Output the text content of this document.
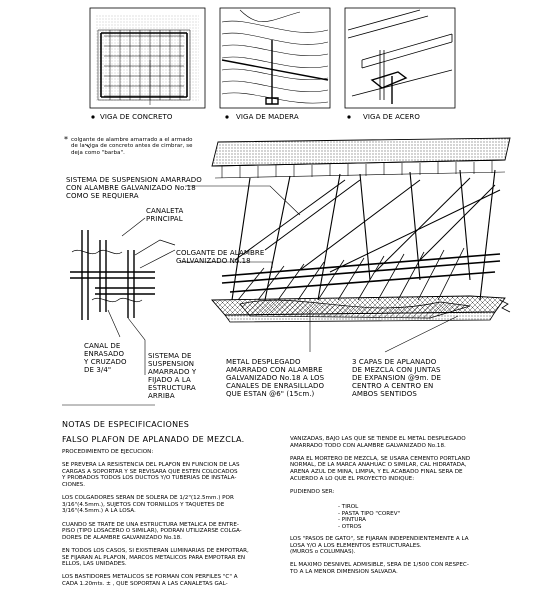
VIGA DE CONCRETO	VIGA DE MADERA	VIGA DE ACERO
* colgante de alambre amarrado a el armado
de la viga de concreto antes de cimbrar, se
deja como "barba".
SISTEMA DE SUSPENSION AMARRADO
CON ALAMBRE GALVANIZADO No.18
COMO SE REQUIERA
CANALETA
PRINCIPAL
COLGANTE DE ALAMBRE
GALVANIZADO No.18
CANAL DE
ENRASADO
Y CRUZADO
DE 3/4"
SISTEMA DE
SUSPENSION
AMARRADO Y
FIJADO A LA
ESTRUCTURA
ARRIBA
METAL DESPLEGADO
AMARRADO CON ALAMBRE
GALVANIZADO No.18 A LOS
CANALES DE ENRASILLADO
QUE ESTAN @6" (15cm.)
3 CAPAS DE APLANADO
DE MEZCLA CON JUNTAS
DE EXPANSION @9m. DE
CENTRO A CENTRO EN
AMBOS SENTIDOS
NOTAS DE ESPECIFICACIONES
FALSO PLAFON DE APLANADO DE MEZCLA.
PROCEDIMIENTO DE EJECUCION:

SE PREVERA LA RESISTENCIA DEL PLAFON EN FUNCION DE LAS
CARGAS A SOPORTAR Y SE REVISARA QUE ESTEN COLOCADOS
Y PROBADOS TODOS LOS DUCTOS Y/O TUBERIAS DE INSTALA-
CIONES.

LOS COLGADORES SERAN DE SOLERA DE 1/2"(12.5mm.) POR
3/16"(4.5mm.), SUJETOS CON TORNILLOS Y TAQUETES DE
3/16"(4.5mm.) A LA LOSA.

CUANDO SE TRATE DE UNA ESTRUCTURA METALICA DE ENTRE-
PISO (TIPO LOSACERO O SIMILAR), PODRAN UTILIZARSE COLGA-
DORES DE ALAMBRE GALVANIZADO No.18.

EN TODOS LOS CASOS, SI EXISTIERAN LUMINARIAS DE EMPOTRAR,
SE FIJARAN AL PLAFON, MARCOS METALICOS PARA EMPOTRAR EN
ELLOS, LAS UNIDADES.

LOS BASTIDORES METALICOS SE FORMAN CON PERFILES "C" A
CADA 1.20mts. ± , QUE SOPORTAN A LAS CANALETAS GAL-
VANIZADAS, BAJO LAS QUE SE TIENDE EL METAL DESPLEGADO
AMARRADO TODO CON ALAMBRE GALVANIZADO No.18.

PARA EL MORTERO DE MEZCLA, SE USARA CEMENTO PORTLAND
NORMAL, DE LA MARCA ANAHUAC O SIMILAR, CAL HIDRATADA,
ARENA AZUL DE MINA, LIMPIA, Y EL ACABADO FINAL SERA DE
ACUERDO A LO QUE EL PROYECTO INDIQUE:

PUDIENDO SER:
- TIROL
- PASTA TIPO "COREV"
- PINTURA
- OTROS
LOS "PASOS DE GATO", SE FIJARAN INDEPENDIENTEMENTE A LA
LOSA Y/O A LOS ELEMENTOS ESTRUCTURALES.
(MUROS o COLUMNAS).

EL MAXIMO DESNIVEL ADMISIBLE, SERA DE 1/500 CON RESPEC-
TO A LA MENOR DIMENSION SALVADA.
